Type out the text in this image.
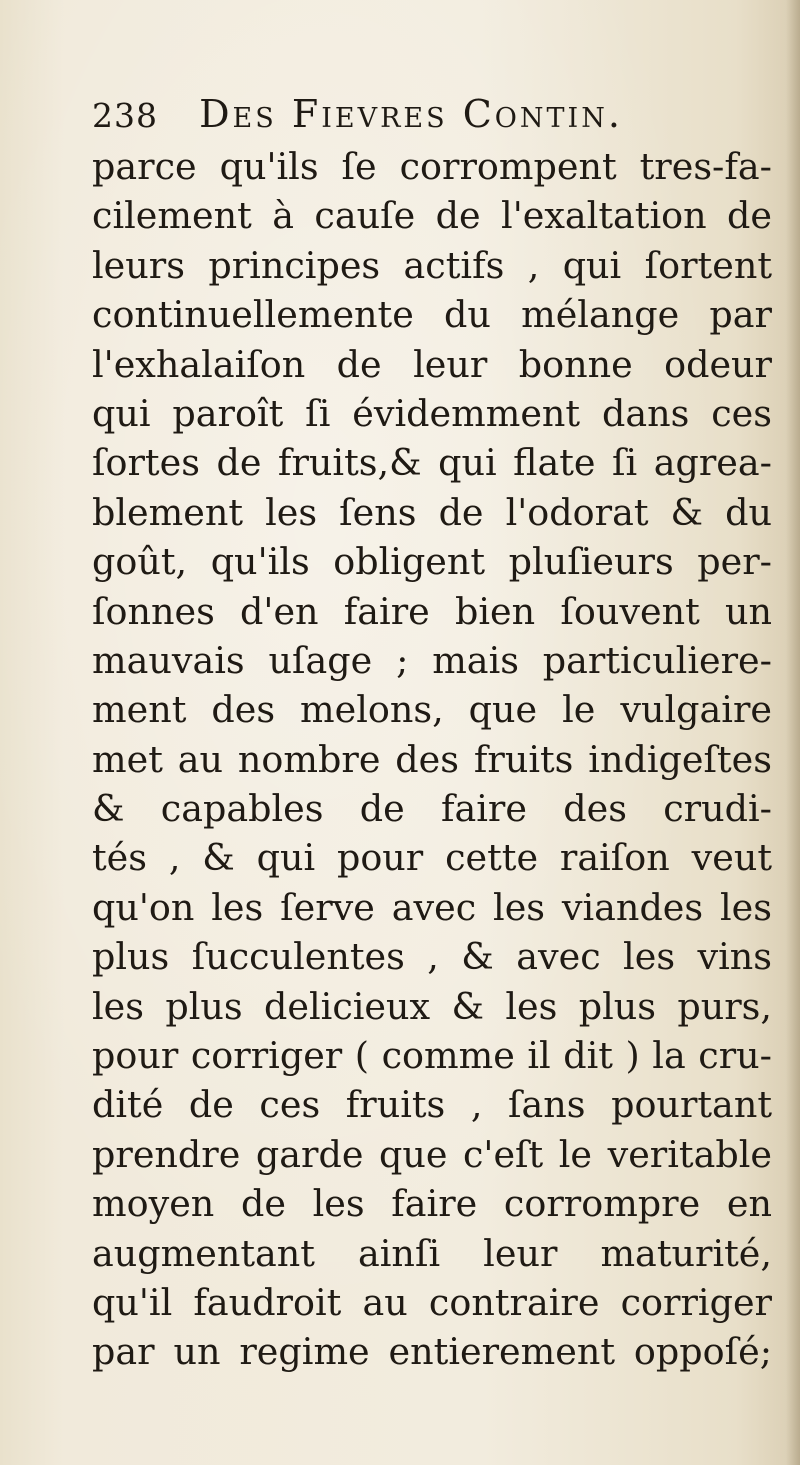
238 Des Fievres Contin.
parce qu'ils ſe corrompent tres-fa-
cilement à cauſe de l'exaltation de
leurs principes actifs , qui ſortent
continuellemente du mélange par
l'exhalaiſon de leur bonne odeur
qui paroît ſi évidemment dans ces
ſortes de fruits,& qui flate ſi agrea-
blement les ſens de l'odorat & du
goût, qu'ils obligent pluſieurs per-
ſonnes d'en faire bien ſouvent un
mauvais uſage ; mais particuliere-
ment des melons, que le vulgaire
met au nombre des fruits indigeſtes
& capables de faire des crudi-
tés , & qui pour cette raiſon veut
qu'on les ſerve avec les viandes les
plus ſucculentes , & avec les vins
les plus delicieux & les plus purs,
pour corriger ( comme il dit ) la cru-
dité de ces fruits , ſans pourtant
prendre garde que c'eſt le veritable
moyen de les faire corrompre en
augmentant ainſi leur maturité,
qu'il faudroit au contraire corriger
par un regime entierement oppoſé;
